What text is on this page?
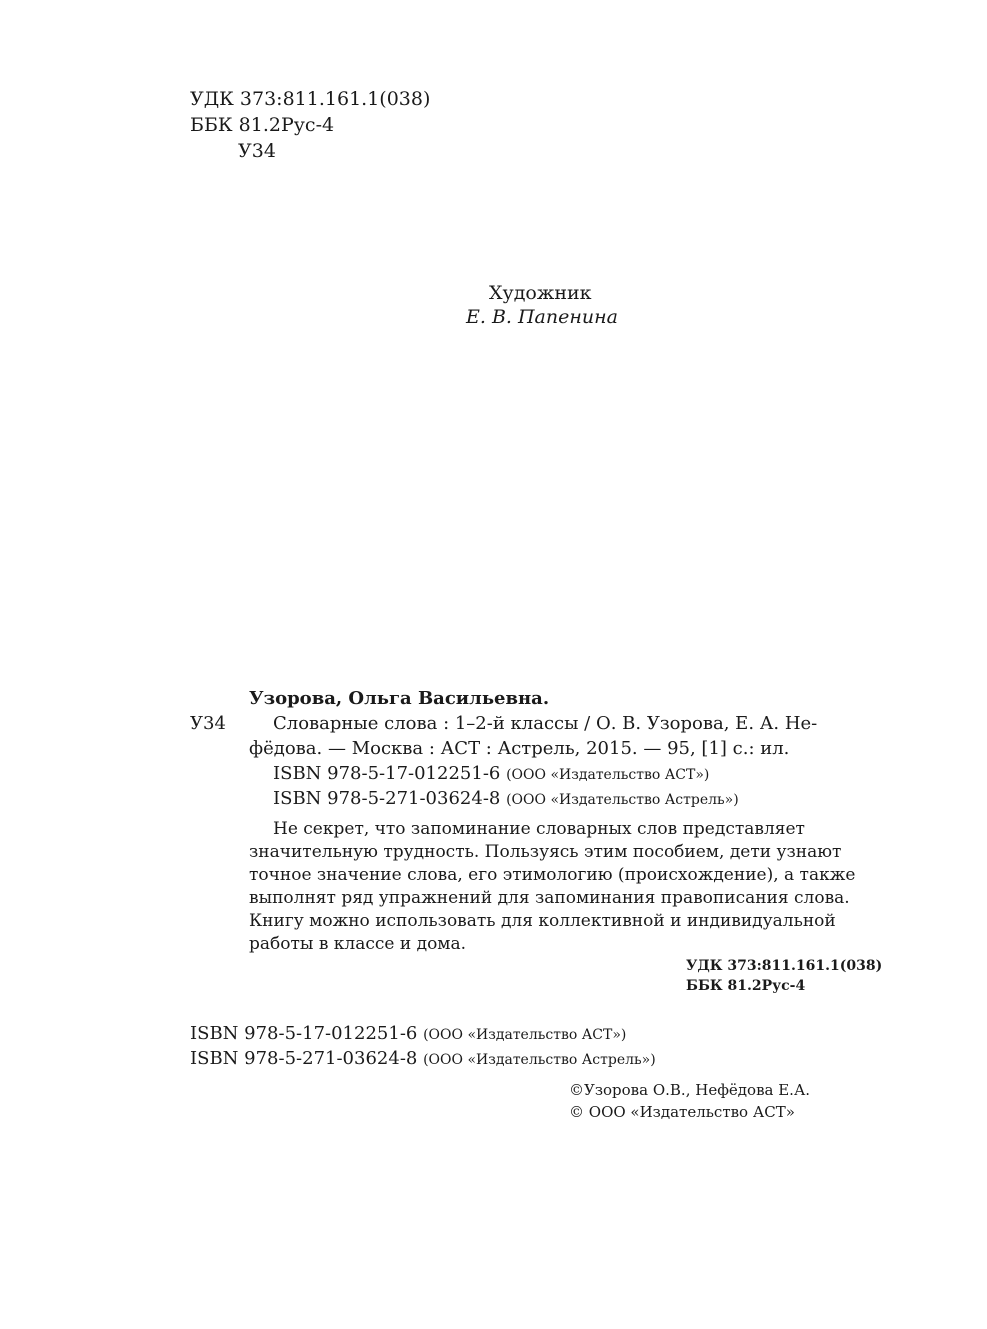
УДК 373:811.161.1(038)
ББК 81.2Рус-4
У34
Художник
Е. В. Папенина
Узорова, Ольга Васильевна.
У34	Словарные слова : 1–2-й классы / О. В. Узорова, Е. А. Не-
фёдова. — Москва : АСТ : Астрель, 2015. — 95, [1] с.: ил.
ISBN 978-5-17-012251-6 (ООО «Издательство АСТ»)
ISBN 978-5-271-03624-8 (ООО «Издательство Астрель»)
Не секрет, что запоминание словарных слов представляет
значительную трудность. Пользуясь этим пособием, дети узнают
точное значение слова, его этимологию (происхождение), а также
выполнят ряд упражнений для запоминания правописания слова.
Книгу можно использовать для коллективной и индивидуальной
работы в классе и дома.
УДК 373:811.161.1(038)
ББК 81.2Рус-4
ISBN 978-5-17-012251-6 (ООО «Издательство АСТ»)
ISBN 978-5-271-03624-8 (ООО «Издательство Астрель»)
©Узорова О.В., Нефёдова Е.А.
© ООО «Издательство АСТ»
